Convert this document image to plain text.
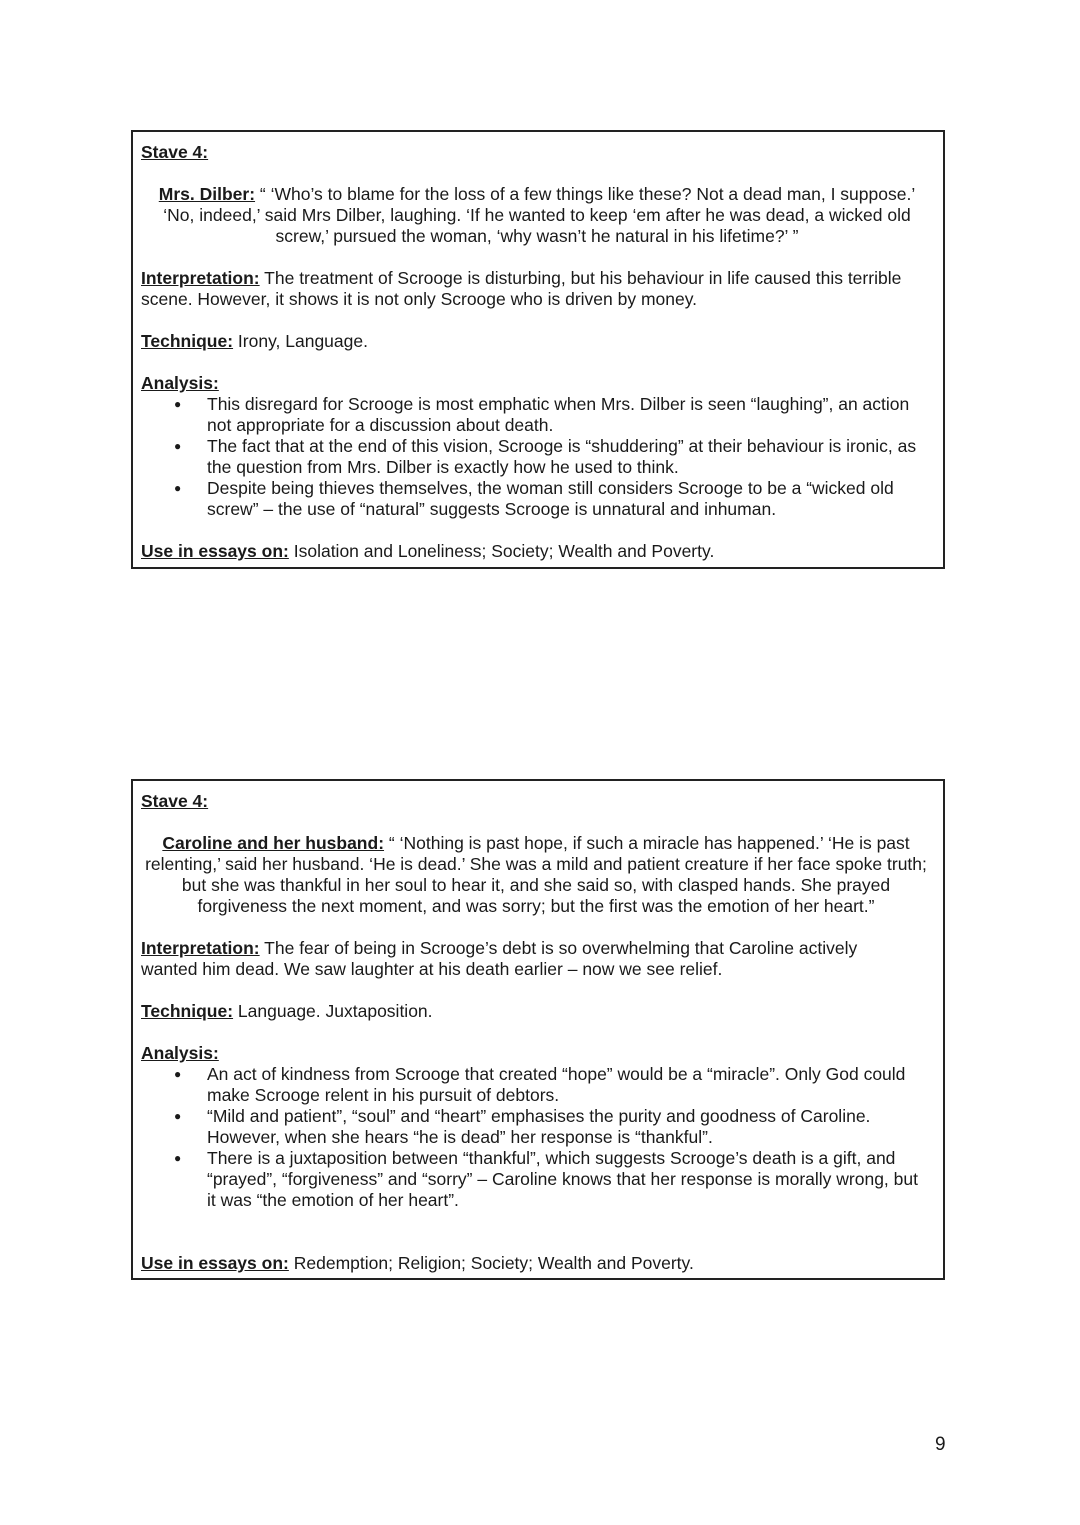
Stave 4:

Mrs. Dilber: “ ‘Who’s to blame for the loss of a few things like these? Not a dead man, I suppose.’ ‘No, indeed,’ said Mrs Dilber, laughing. ‘If he wanted to keep ‘em after he was dead, a wicked old screw,’ pursued the woman, ‘why wasn’t he natural in his lifetime?’ ”

Interpretation: The treatment of Scrooge is disturbing, but his behaviour in life caused this terrible scene. However, it shows it is not only Scrooge who is driven by money.

Technique: Irony, Language.

Analysis:

● This disregard for Scrooge is most emphatic when Mrs. Dilber is seen “laughing”, an action not appropriate for a discussion about death.
● The fact that at the end of this vision, Scrooge is “shuddering” at their behaviour is ironic, as the question from Mrs. Dilber is exactly how he used to think.
● Despite being thieves themselves, the woman still considers Scrooge to be a “wicked old screw” – the use of “natural” suggests Scrooge is unnatural and inhuman.

Use in essays on: Isolation and Loneliness; Society; Wealth and Poverty.

Stave 4:

Caroline and her husband: “ ‘Nothing is past hope, if such a miracle has happened.’ ‘He is past relenting,’ said her husband. ‘He is dead.’ She was a mild and patient creature if her face spoke truth; but she was thankful in her soul to hear it, and she said so, with clasped hands. She prayed forgiveness the next moment, and was sorry; but the first was the emotion of her heart.”

Interpretation: The fear of being in Scrooge’s debt is so overwhelming that Caroline actively wanted him dead. We saw laughter at his death earlier – now we see relief.

Technique: Language. Juxtaposition.

Analysis:

● An act of kindness from Scrooge that created “hope” would be a “miracle”. Only God could make Scrooge relent in his pursuit of debtors.
● “Mild and patient”, “soul” and “heart” emphasises the purity and goodness of Caroline. However, when she hears “he is dead” her response is “thankful”.
● There is a juxtaposition between “thankful”, which suggests Scrooge’s death is a gift, and “prayed”, “forgiveness” and “sorry” – Caroline knows that her response is morally wrong, but it was “the emotion of her heart”.

Use in essays on: Redemption; Religion; Society; Wealth and Poverty.

9
